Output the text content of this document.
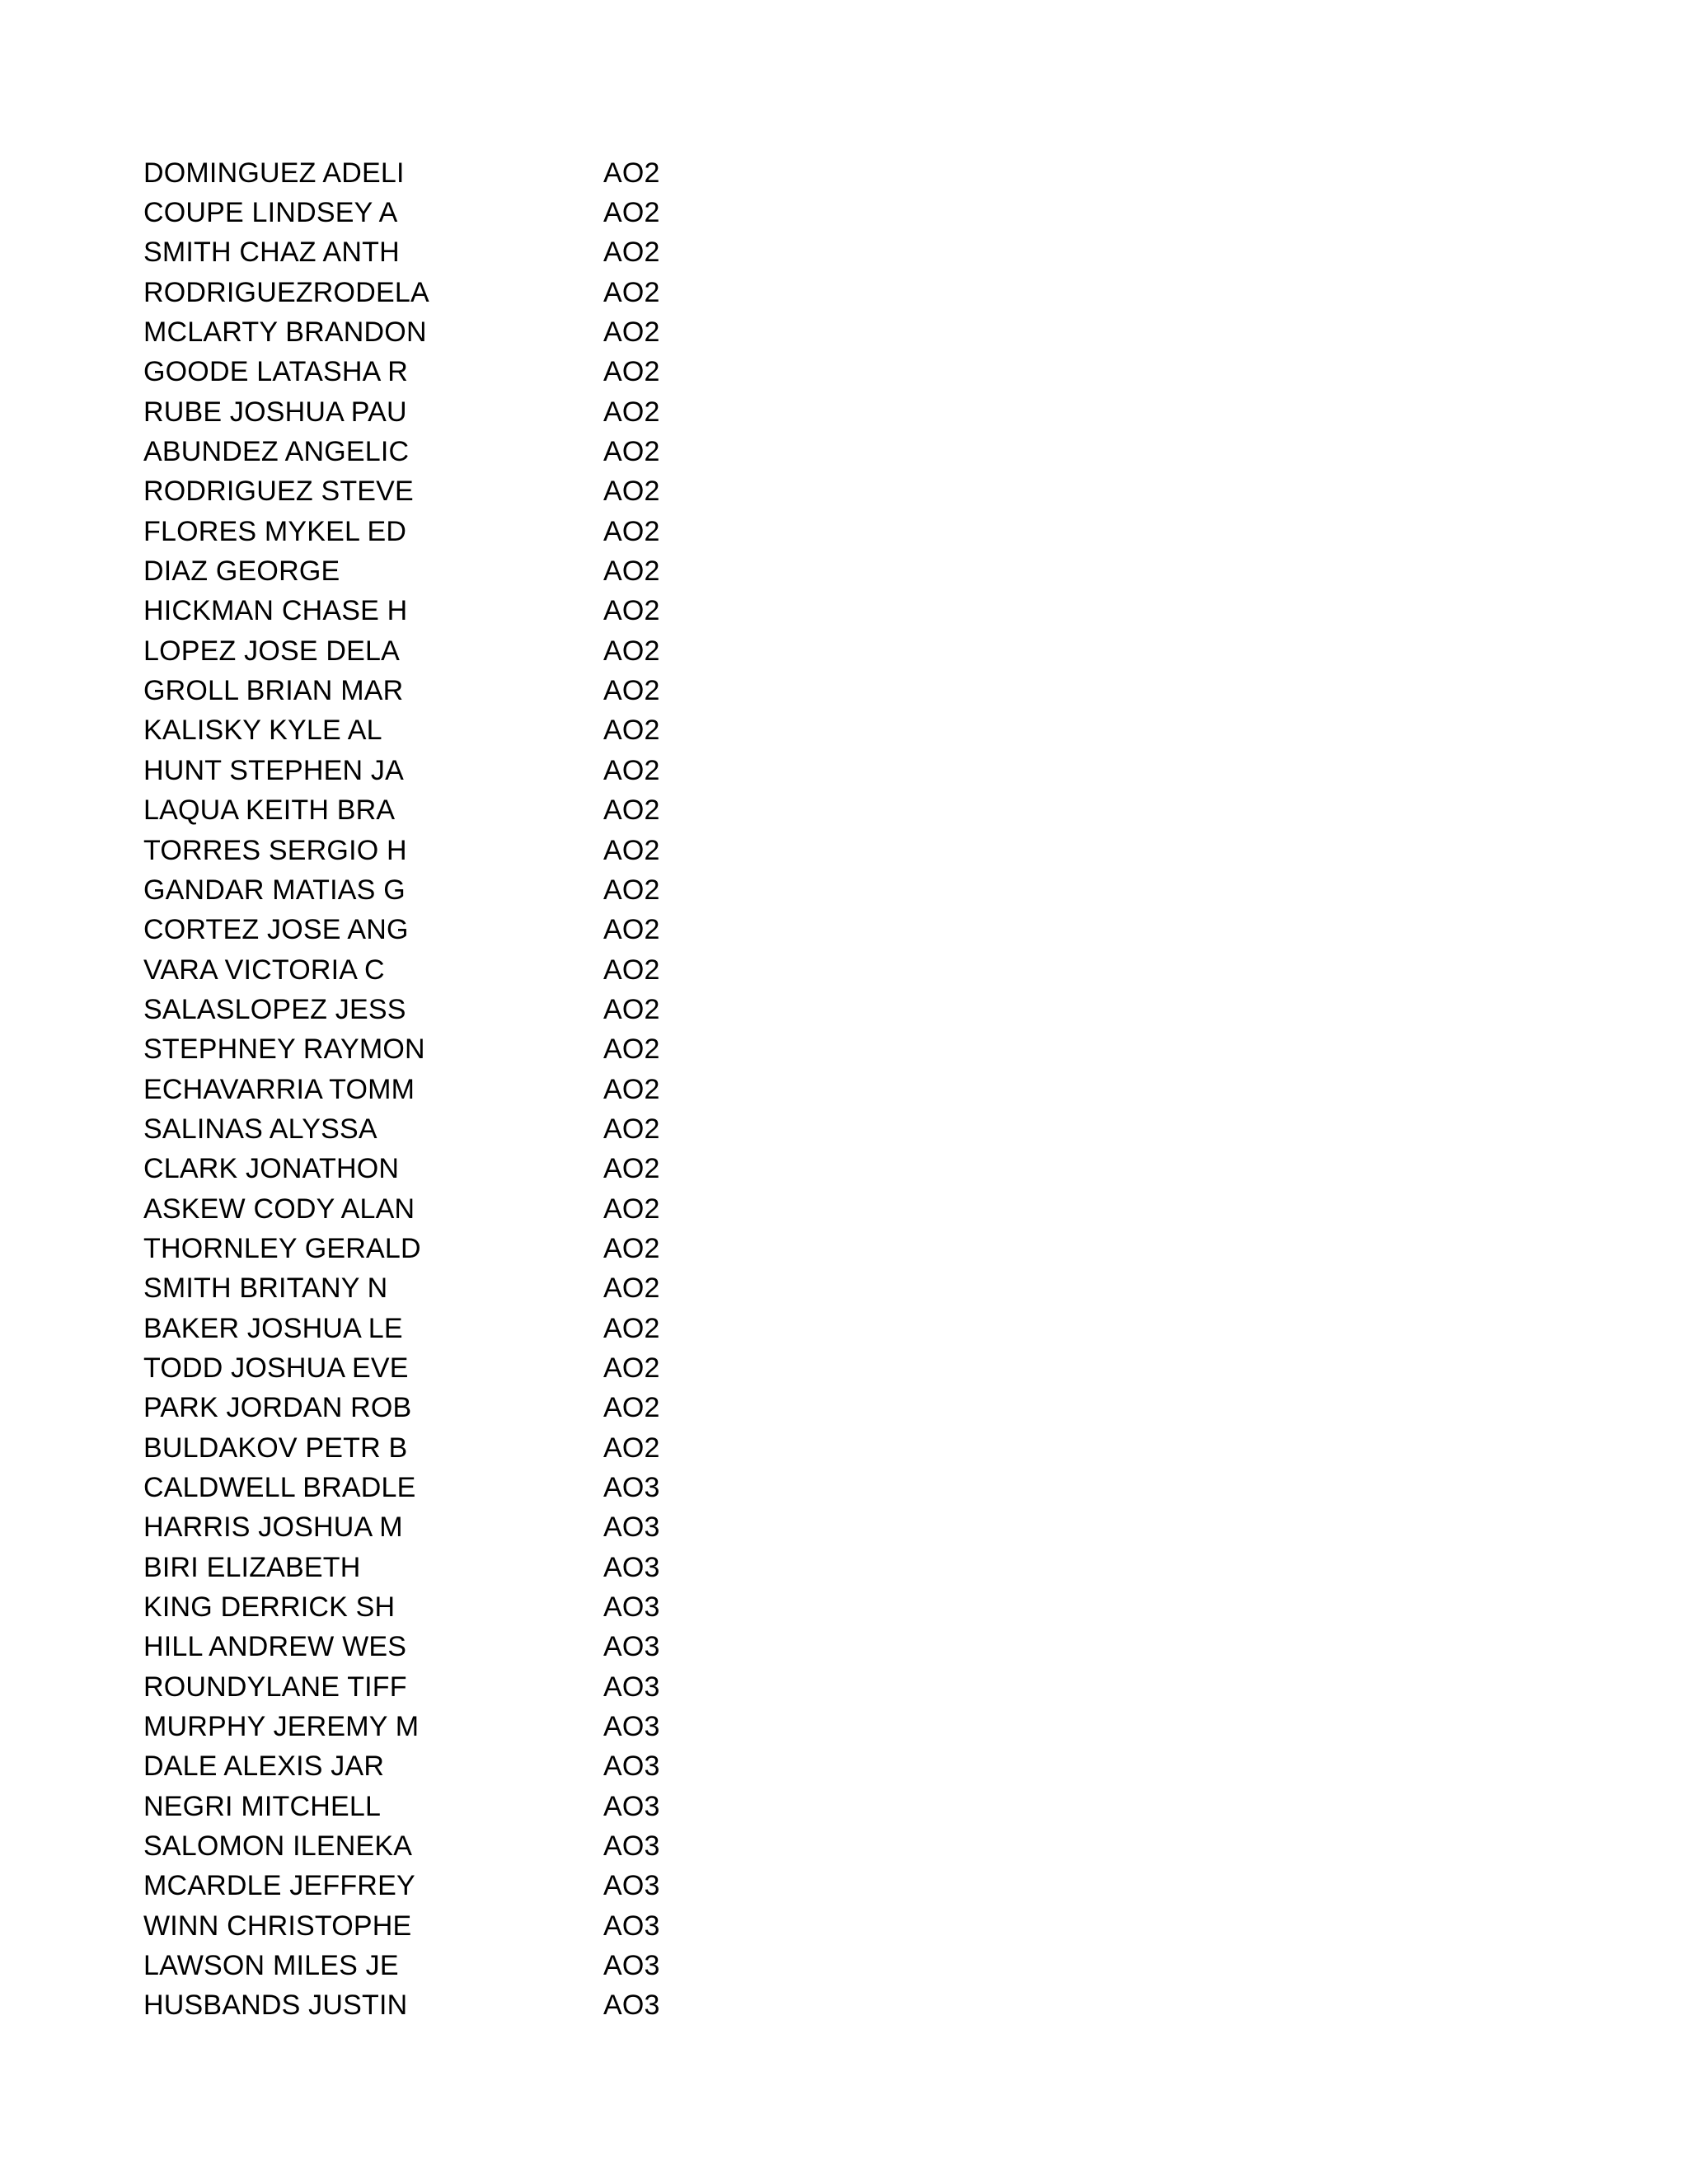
DOMINGUEZ ADELI	AO2
COUPE LINDSEY A	AO2
SMITH CHAZ ANTH	AO2
RODRIGUEZRODELA	AO2
MCLARTY BRANDON	AO2
GOODE LATASHA R	AO2
RUBE JOSHUA PAU	AO2
ABUNDEZ ANGELIC	AO2
RODRIGUEZ STEVE	AO2
FLORES MYKEL ED	AO2
DIAZ GEORGE	AO2
HICKMAN CHASE H	AO2
LOPEZ JOSE DELA	AO2
GROLL BRIAN MAR	AO2
KALISKY KYLE AL	AO2
HUNT STEPHEN JA	AO2
LAQUA KEITH BRA	AO2
TORRES SERGIO H	AO2
GANDAR MATIAS G	AO2
CORTEZ JOSE ANG	AO2
VARA VICTORIA C	AO2
SALASLOPEZ JESS	AO2
STEPHNEY RAYMON	AO2
ECHAVARRIA TOMM	AO2
SALINAS ALYSSA	AO2
CLARK JONATHON	AO2
ASKEW CODY ALAN	AO2
THORNLEY GERALD	AO2
SMITH BRITANY N	AO2
BAKER JOSHUA LE	AO2
TODD JOSHUA EVE	AO2
PARK JORDAN ROB	AO2
BULDAKOV PETR B	AO2
CALDWELL BRADLE	AO3
HARRIS JOSHUA M	AO3
BIRI ELIZABETH	AO3
KING DERRICK SH	AO3
HILL ANDREW WES	AO3
ROUNDYLANE TIFF	AO3
MURPHY JEREMY M	AO3
DALE ALEXIS JAR	AO3
NEGRI MITCHELL	AO3
SALOMON ILENEKA	AO3
MCARDLE JEFFREY	AO3
WINN CHRISTOPHE	AO3
LAWSON MILES JE	AO3
HUSBANDS JUSTIN	AO3
